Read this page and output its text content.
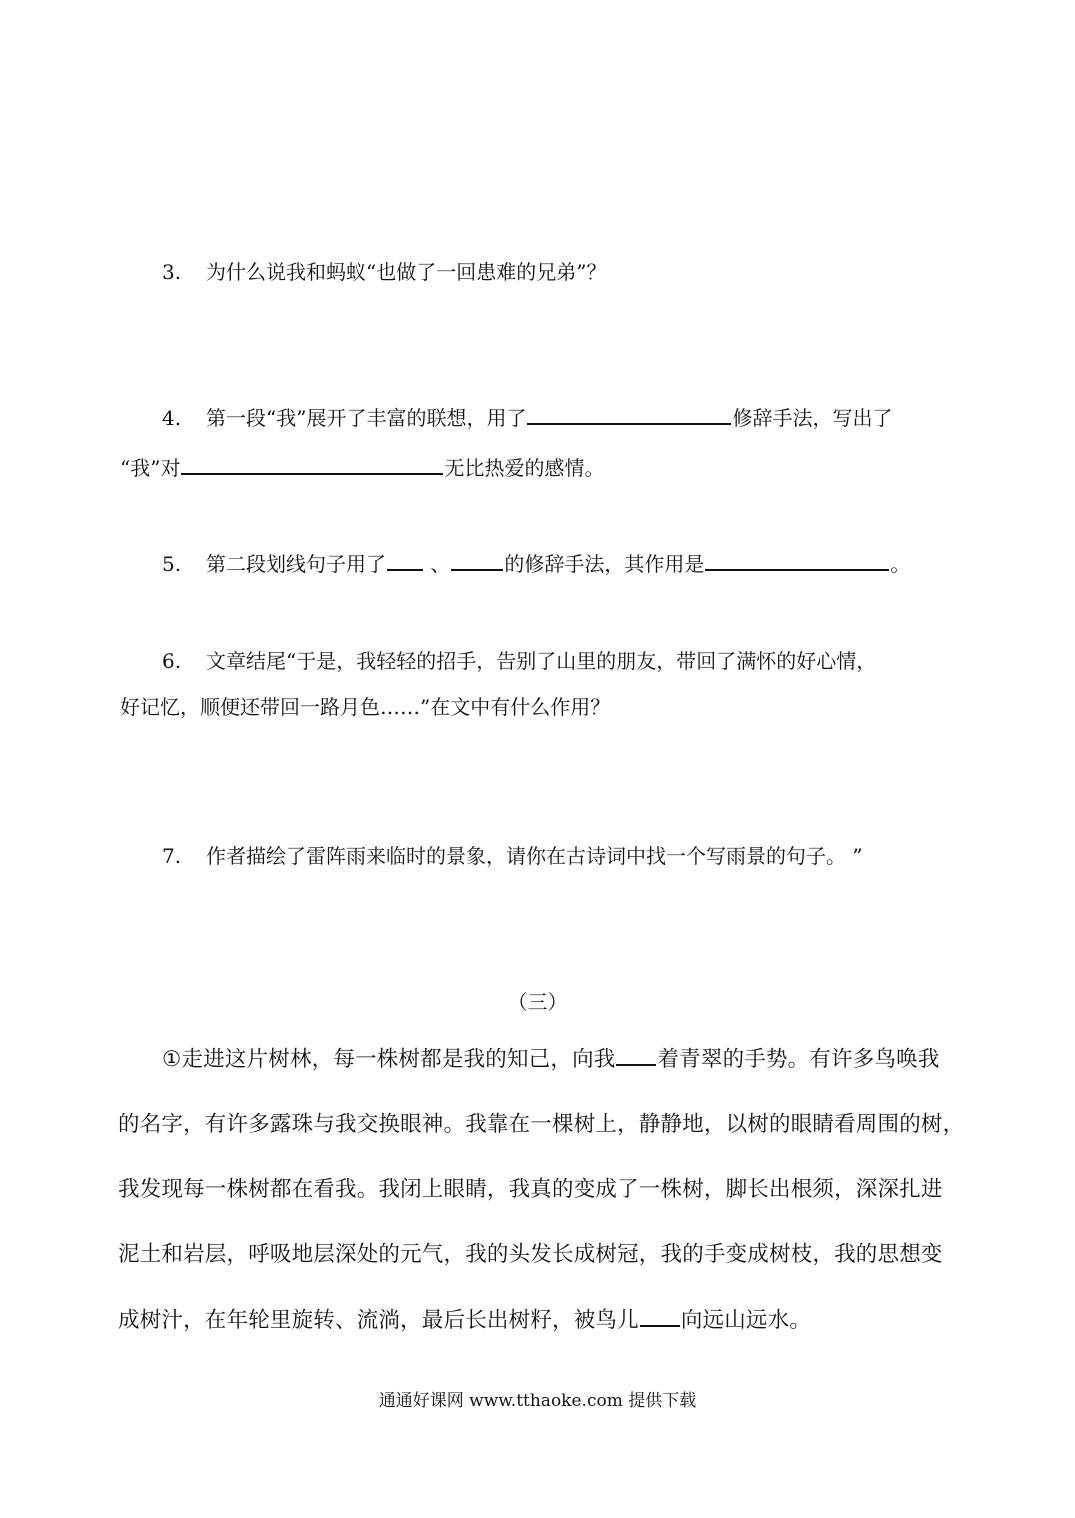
3. 为什么说我和蚂蚁“也做了一回患难的兄弟”？
4. 第一段“我”展开了丰富的联想，用了	修辞手法，写出了
“我”对	无比热爱的感情。
5. 第二段划线句子用了 、	的修辞手法，其作用是	。
6. 文章结尾“于是，我轻轻的招手，告别了山里的朋友，带回了满怀的好心情，
好记忆，顺便还带回一路月色……”在文中有什么作用？
7. 作者描绘了雷阵雨来临时的景象，请你在古诗词中找一个写雨景的句子。 ”
（三）
①走进这片树林，每一株树都是我的知己，向我 着青翠的手势。有许多鸟唤我
的名字，有许多露珠与我交换眼神。我靠在一棵树上，静静地，以树的眼睛看周围的树，
我发现每一株树都在看我。我闭上眼睛，我真的变成了一株树，脚长出根须，深深扎进
泥土和岩层，呼吸地层深处的元气，我的头发长成树冠，我的手变成树枝，我的思想变
成树汁，在年轮里旋转、流淌，最后长出树籽，被鸟儿 向远山远水。
通通好课网 www.tthaoke.com 提供下载
